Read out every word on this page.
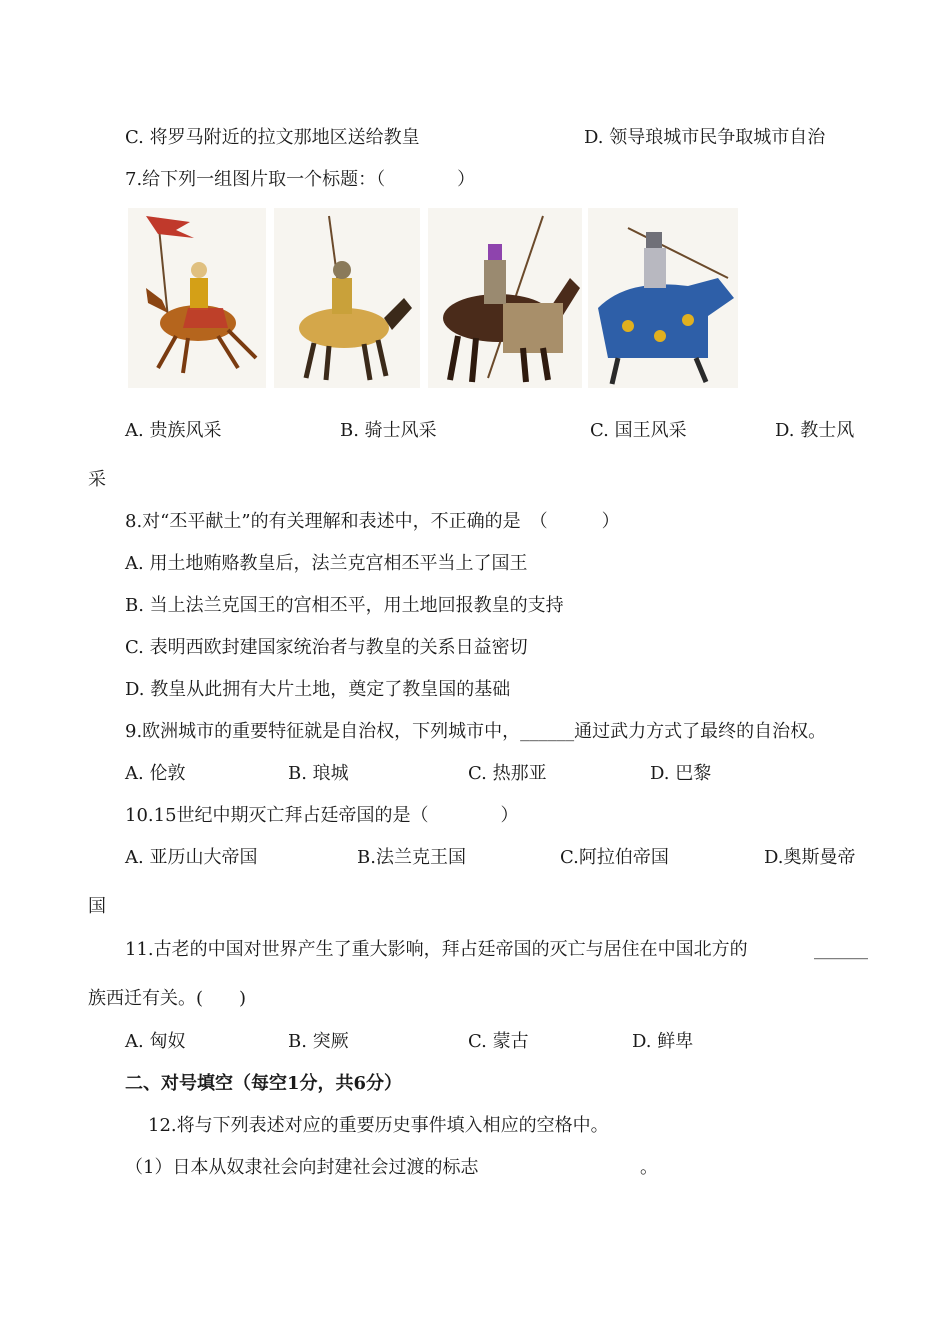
C. 将罗马附近的拉文那地区送给教皇	D. 领导琅城市民争取城市自治
7.给下列一组图片取一个标题：（　　　　）
A. 贵族风采	B. 骑士风采	C. 国王风采	D. 教士风
采
8.对“丕平献土”的有关理解和表述中，不正确的是　（　　　）
A. 用土地贿赂教皇后，法兰克宫相丕平当上了国王
B. 当上法兰克国王的宫相丕平，用土地回报教皇的支持
C. 表明西欧封建国家统治者与教皇的关系日益密切
D. 教皇从此拥有大片土地，奠定了教皇国的基础
9.欧洲城市的重要特征就是自治权，下列城市中，______通过武力方式了最终的自治权。
A. 伦敦	B. 琅城	C. 热那亚	D. 巴黎
10.15世纪中期灭亡拜占廷帝国的是（　　　　）
A. 亚历山大帝国	B.法兰克王国	C.阿拉伯帝国	D.奥斯曼帝
国
11.古老的中国对世界产生了重大影响，拜占廷帝国的灭亡与居住在中国北方的	______
族西迁有关。(　　)
A. 匈奴	B. 突厥	C. 蒙古	D. 鲜卑
二、对号填空（每空1分，共6分）
12.将与下列表述对应的重要历史事件填入相应的空格中。
（1）日本从奴隶社会向封建社会过渡的标志	。
